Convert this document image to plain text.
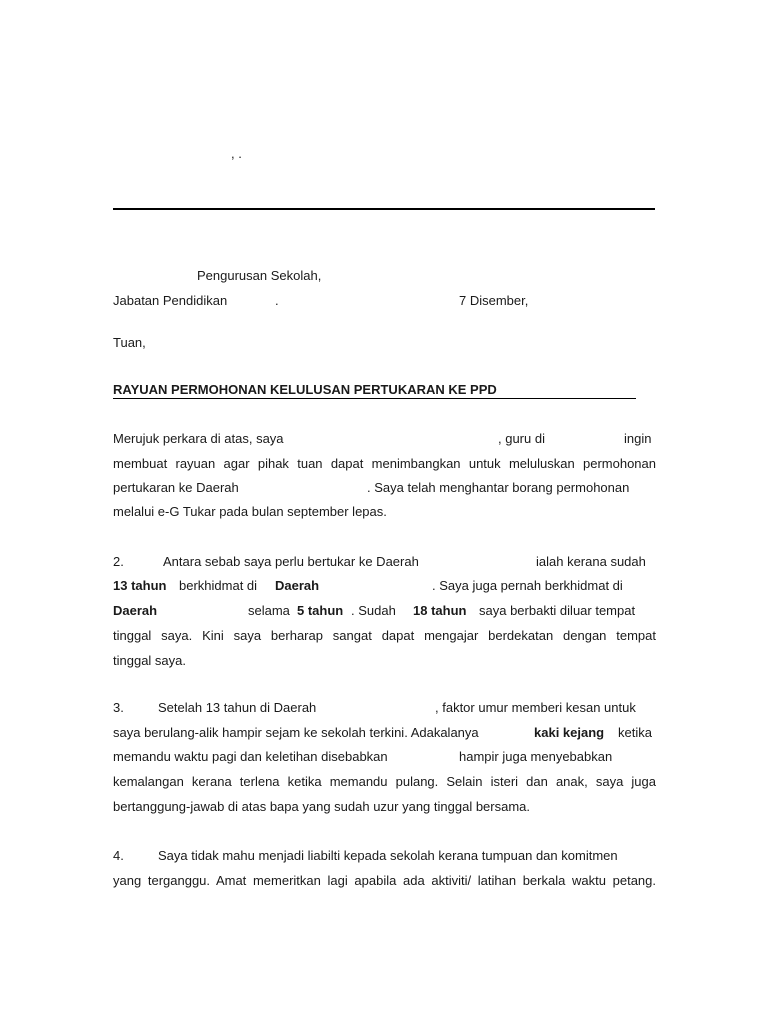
, .
Pengurusan Sekolah,
Jabatan Pendidikan	.	7 Disember,
Tuan,
RAYUAN PERMOHONAN KELULUSAN PERTUKARAN KE PPD
Merujuk perkara di atas, saya	, guru di	ingin
membuat rayuan agar pihak tuan dapat menimbangkan untuk meluluskan permohonan
pertukaran ke Daerah	. Saya telah menghantar borang permohonan
melalui e-G Tukar pada bulan september lepas.
2.	Antara sebab saya perlu bertukar ke Daerah	ialah kerana sudah
13 tahun berkhidmat di Daerah	. Saya juga pernah berkhidmat di
Daerah	selama 5 tahun . Sudah 18 tahun saya berbakti diluar tempat
tinggal saya. Kini saya berharap sangat dapat mengajar berdekatan dengan tempat
tinggal saya.
3.	Setelah 13 tahun di Daerah	, faktor umur memberi kesan untuk
saya berulang-alik hampir sejam ke sekolah terkini. Adakalanya	kaki kejang ketika
memandu waktu pagi dan keletihan disebabkan	hampir juga menyebabkan
kemalangan kerana terlena ketika memandu pulang. Selain isteri dan anak, saya juga
bertanggung-jawab di atas bapa yang sudah uzur yang tinggal bersama.
4.	Saya tidak mahu menjadi liabilti kepada sekolah kerana tumpuan dan komitmen
yang terganggu. Amat memeritkan lagi apabila ada aktiviti/ latihan berkala waktu petang.
